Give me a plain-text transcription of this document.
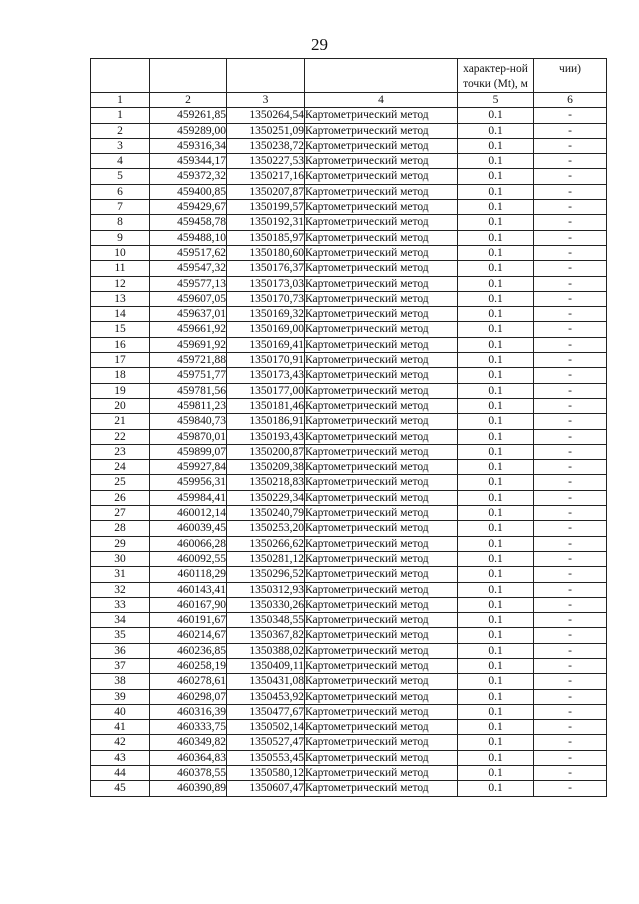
29
				характер-ной точки (Mt), м	чии)
1	2	3	4	5	6
1	459261,85	1350264,54	Картометрический метод	0.1	-
2	459289,00	1350251,09	Картометрический метод	0.1	-
3	459316,34	1350238,72	Картометрический метод	0.1	-
4	459344,17	1350227,53	Картометрический метод	0.1	-
5	459372,32	1350217,16	Картометрический метод	0.1	-
6	459400,85	1350207,87	Картометрический метод	0.1	-
7	459429,67	1350199,57	Картометрический метод	0.1	-
8	459458,78	1350192,31	Картометрический метод	0.1	-
9	459488,10	1350185,97	Картометрический метод	0.1	-
10	459517,62	1350180,60	Картометрический метод	0.1	-
11	459547,32	1350176,37	Картометрический метод	0.1	-
12	459577,13	1350173,03	Картометрический метод	0.1	-
13	459607,05	1350170,73	Картометрический метод	0.1	-
14	459637,01	1350169,32	Картометрический метод	0.1	-
15	459661,92	1350169,00	Картометрический метод	0.1	-
16	459691,92	1350169,41	Картометрический метод	0.1	-
17	459721,88	1350170,91	Картометрический метод	0.1	-
18	459751,77	1350173,43	Картометрический метод	0.1	-
19	459781,56	1350177,00	Картометрический метод	0.1	-
20	459811,23	1350181,46	Картометрический метод	0.1	-
21	459840,73	1350186,91	Картометрический метод	0.1	-
22	459870,01	1350193,43	Картометрический метод	0.1	-
23	459899,07	1350200,87	Картометрический метод	0.1	-
24	459927,84	1350209,38	Картометрический метод	0.1	-
25	459956,31	1350218,83	Картометрический метод	0.1	-
26	459984,41	1350229,34	Картометрический метод	0.1	-
27	460012,14	1350240,79	Картометрический метод	0.1	-
28	460039,45	1350253,20	Картометрический метод	0.1	-
29	460066,28	1350266,62	Картометрический метод	0.1	-
30	460092,55	1350281,12	Картометрический метод	0.1	-
31	460118,29	1350296,52	Картометрический метод	0.1	-
32	460143,41	1350312,93	Картометрический метод	0.1	-
33	460167,90	1350330,26	Картометрический метод	0.1	-
34	460191,67	1350348,55	Картометрический метод	0.1	-
35	460214,67	1350367,82	Картометрический метод	0.1	-
36	460236,85	1350388,02	Картометрический метод	0.1	-
37	460258,19	1350409,11	Картометрический метод	0.1	-
38	460278,61	1350431,08	Картометрический метод	0.1	-
39	460298,07	1350453,92	Картометрический метод	0.1	-
40	460316,39	1350477,67	Картометрический метод	0.1	-
41	460333,75	1350502,14	Картометрический метод	0.1	-
42	460349,82	1350527,47	Картометрический метод	0.1	-
43	460364,83	1350553,45	Картометрический метод	0.1	-
44	460378,55	1350580,12	Картометрический метод	0.1	-
45	460390,89	1350607,47	Картометрический метод	0.1	-
